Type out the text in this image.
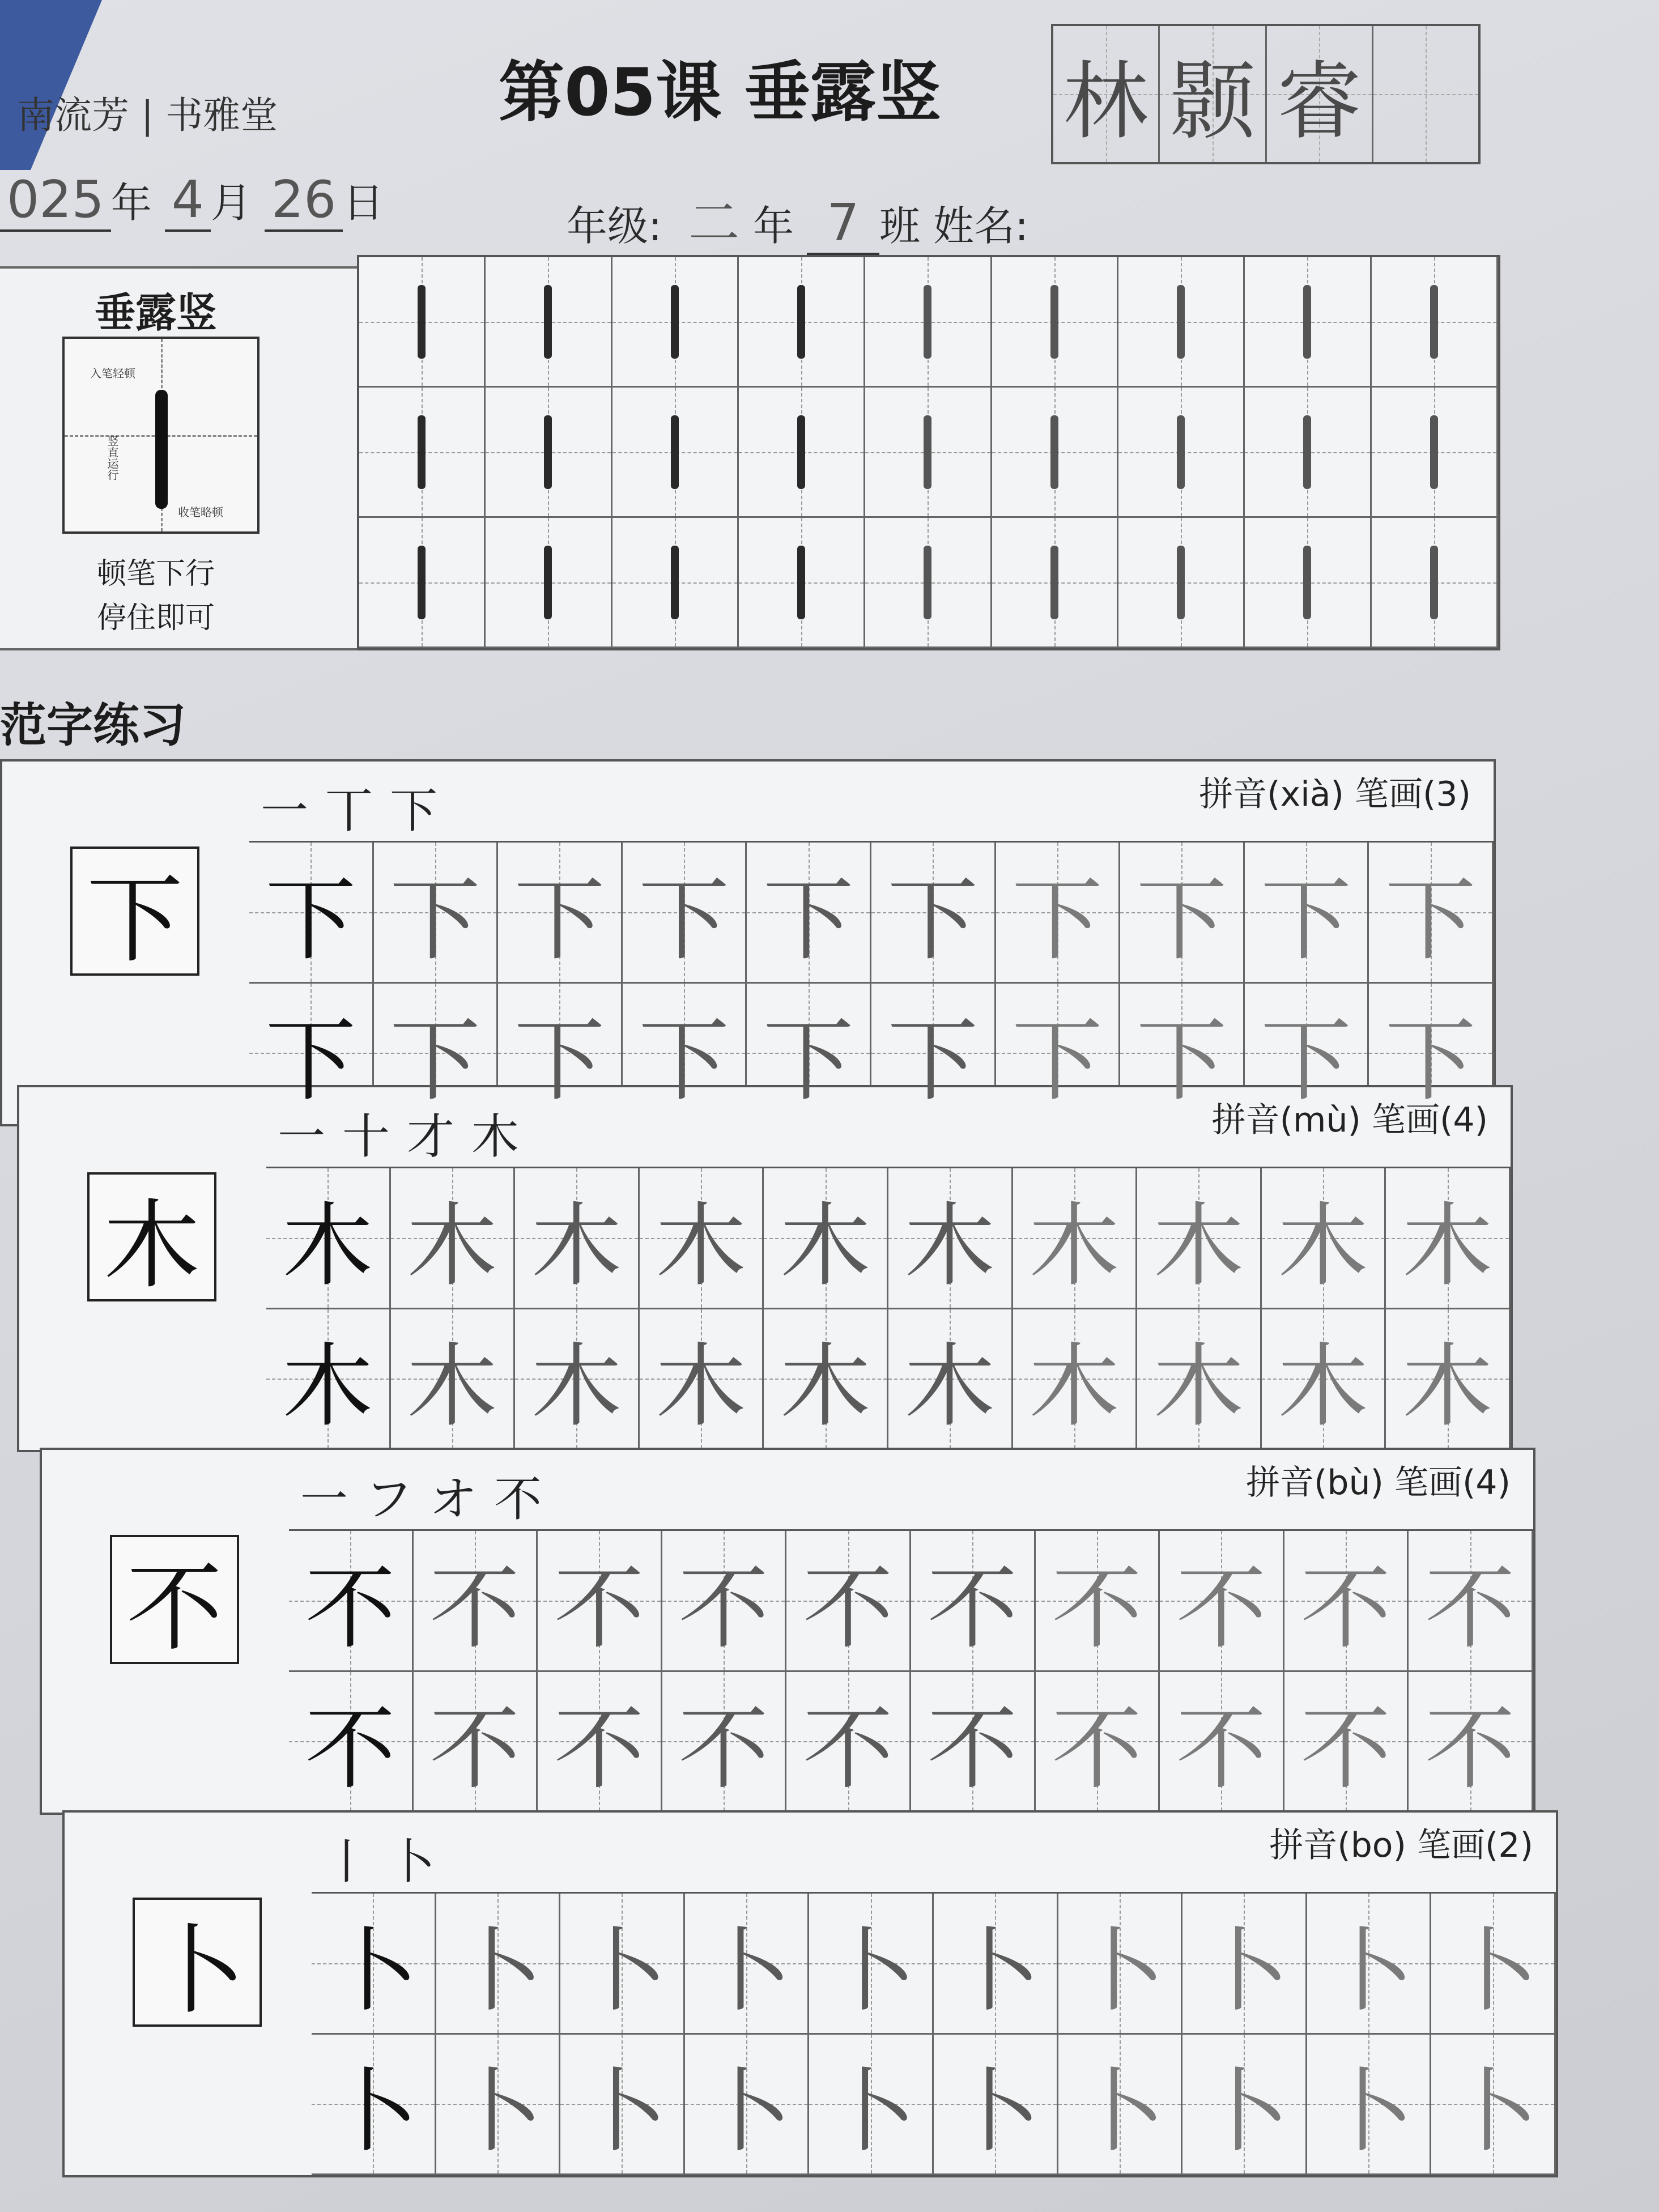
南流芳 | 书雅堂	第05课 垂露竖 林 颢 睿
025 年 4 月 26 日	年级: 二 年 7 班 姓名:
垂露竖
入笔轻顿
竖直运行
收笔略顿
顿笔下行
停住即可
范字练习
下
一 丅 下	拼音(xià) 笔画(3)
下 下 下 下 下 下 下 下 下 下
下 下 下 下 下 下 下 下 下 下
木
一 十 才 木	拼音(mù) 笔画(4)
木 木 木 木 木 木 木 木 木 木
木 木 木 木 木 木 木 木 木 木
不
一 フ オ 不	拼音(bù) 笔画(4)
不 不 不 不 不 不 不 不 不 不
不 不 不 不 不 不 不 不 不 不
卜
丨 卜	拼音(bo) 笔画(2)
卜 卜 卜 卜 卜 卜 卜 卜 卜 卜
卜 卜 卜 卜 卜 卜 卜 卜 卜 卜
